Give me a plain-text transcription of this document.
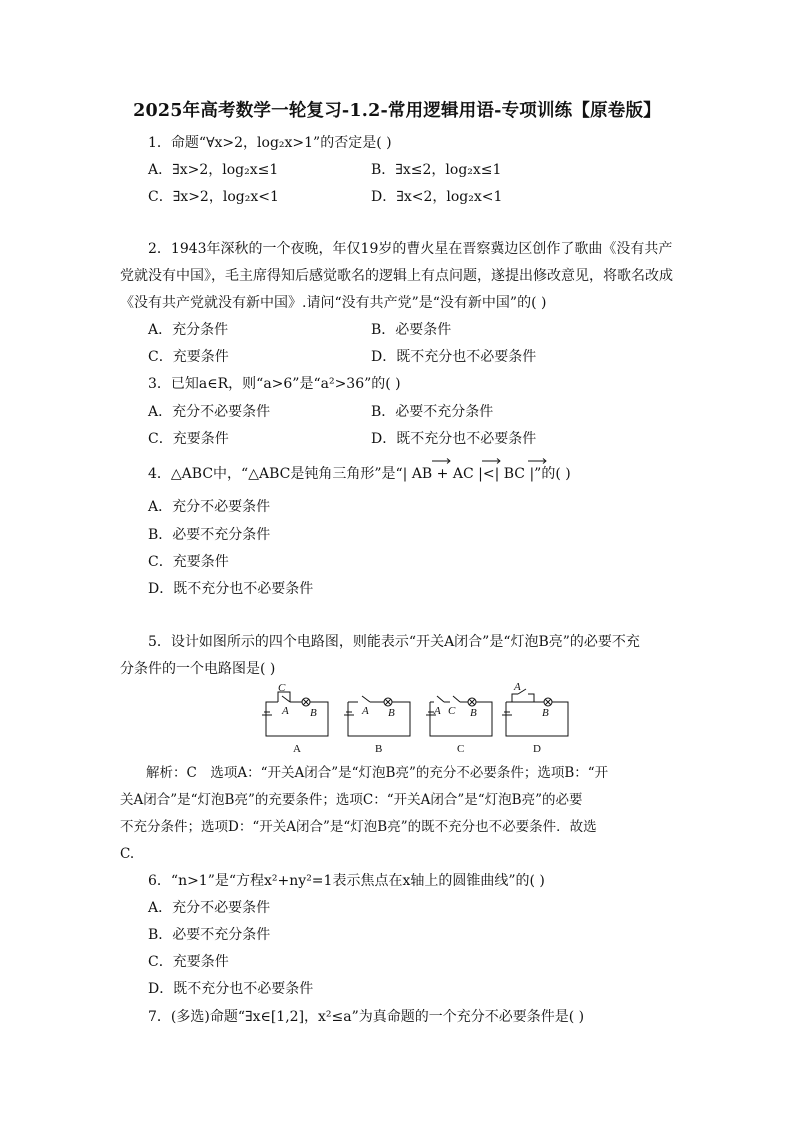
2025年高考数学一轮复习-1.2-常用逻辑用语-专项训练【原卷版】
1．命题“∀x>2，log₂x>1”的否定是( )
A．∃x>2，log₂x≤1	B．∃x≤2，log₂x≤1
C．∃x>2，log₂x<1	D．∃x<2，log₂x<1
2．1943年深秋的一个夜晚，年仅19岁的曹火星在晋察冀边区创作了歌曲《没有共产
党就没有中国》，毛主席得知后感觉歌名的逻辑上有点问题，遂提出修改意见，将歌名改成
《没有共产党就没有新中国》.请问“没有共产党”是“没有新中国”的( )
A．充分条件	B．必要条件
C．充要条件	D．既不充分也不必要条件
3．已知a∈R，则“a>6”是“a²>36”的( )
A．充分不必要条件	B．必要不充分条件
C．充要条件	D．既不充分也不必要条件
4．△ABC中，“△ABC是钝角三角形”是“| AB + AC |<| BC |”的( )
A．充分不必要条件
B．必要不充分条件
C．充要条件
D．既不充分也不必要条件
5．设计如图所示的四个电路图，则能表示“开关A闭合”是“灯泡B亮”的必要不充
分条件的一个电路图是( )
C
A B	A B	A C B
A
B
A	B	C	D
解析：C　选项A：“开关A闭合”是“灯泡B亮”的充分不必要条件；选项B：“开
关A闭合”是“灯泡B亮”的充要条件；选项C：“开关A闭合”是“灯泡B亮”的必要
不充分条件；选项D：“开关A闭合”是“灯泡B亮”的既不充分也不必要条件．故选
C.
6．“n>1”是“方程x²+ny²=1表示焦点在x轴上的圆锥曲线”的( )
A．充分不必要条件
B．必要不充分条件
C．充要条件
D．既不充分也不必要条件
7．(多选)命题“∃x∈[1,2]，x²≤a”为真命题的一个充分不必要条件是( )
